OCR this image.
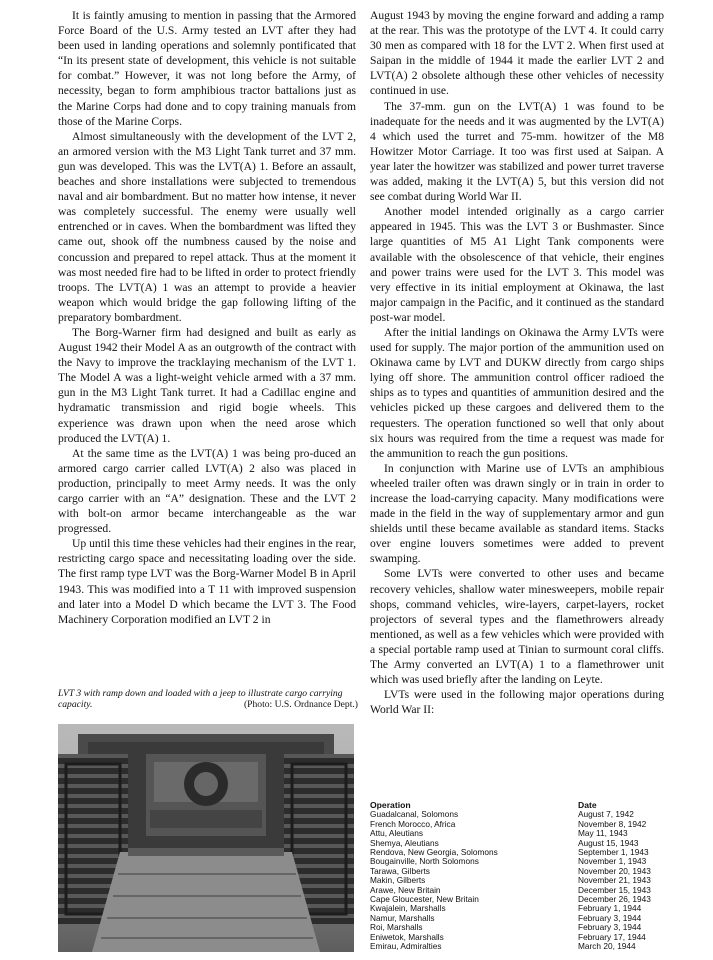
It is faintly amusing to mention in passing that the Armored Force Board of the U.S. Army tested an LVT after they had been used in landing operations and solemnly pontificated that “In its present state of development, this vehicle is not suitable for combat.” However, it was not long before the Army, of necessity, began to form amphibious tractor battalions just as the Marine Corps had done and to copy training manuals from those of the Marine Corps.

Almost simultaneously with the development of the LVT 2, an armored version with the M3 Light Tank turret and 37 mm. gun was developed. This was the LVT(A) 1. Before an assault, beaches and shore installations were subjected to tremendous naval and air bombardment. But no matter how intense, it never was completely successful. The enemy were usually well entrenched or in caves. When the bombardment was lifted they came out, shook off the numbness caused by the noise and concussion and prepared to repel attack. Thus at the moment it was most needed fire had to be lifted in order to protect friendly troops. The LVT(A) 1 was an attempt to provide a heavier weapon which would bridge the gap following lifting of the preparatory bombardment.

The Borg-Warner firm had designed and built as early as August 1942 their Model A as an outgrowth of the contract with the Navy to improve the tracklaying mechanism of the LVT 1. The Model A was a light-weight vehicle armed with a 37 mm. gun in the M3 Light Tank turret. It had a Cadillac engine and hydramatic transmission and rigid bogie wheels. This experience was drawn upon when the need arose which produced the LVT(A) 1.

At the same time as the LVT(A) 1 was being pro-duced an armored cargo carrier called LVT(A) 2 also was placed in production, principally to meet Army needs. It was the only cargo carrier with an “A” designation. These and the LVT 2 with bolt-on armor became interchangeable as the war progressed.

Up until this time these vehicles had their engines in the rear, restricting cargo space and necessitating loading over the side. The first ramp type LVT was the Borg-Warner Model B in April 1943. This was modified into a T 11 with improved suspension and later into a Model D which became the LVT 3. The Food Machinery Corporation modified an LVT 2 in

LVT 3 with ramp down and loaded with a jeep to illustrate cargo carrying capacity.	(Photo: U.S. Ordnance Dept.)

August 1943 by moving the engine forward and adding a ramp at the rear. This was the prototype of the LVT 4. It could carry 30 men as compared with 18 for the LVT 2. When first used at Saipan in the middle of 1944 it made the earlier LVT 2 and LVT(A) 2 obsolete although these other vehicles of necessity continued in use.

The 37-mm. gun on the LVT(A) 1 was found to be inadequate for the needs and it was augmented by the LVT(A) 4 which used the turret and 75-mm. howitzer of the M8 Howitzer Motor Carriage. It too was first used at Saipan. A year later the howitzer was stabilized and power turret traverse was added, making it the LVT(A) 5, but this version did not see combat during World War II.

Another model intended originally as a cargo carrier appeared in 1945. This was the LVT 3 or Bushmaster. Since large quantities of M5 A1 Light Tank components were available with the obsolescence of that vehicle, their engines and power trains were used for the LVT 3. This model was very effective in its initial employment at Okinawa, the last major campaign in the Pacific, and it continued as the standard post-war model.

After the initial landings on Okinawa the Army LVTs were used for supply. The major portion of the ammunition used on Okinawa came by LVT and DUKW directly from cargo ships lying off shore. The ammunition control officer radioed the ships as to types and quantities of ammunition desired and the vehicles picked up these cargoes and delivered them to the requesters. The operation functioned so well that only about six hours was required from the time a request was made for the ammunition to reach the gun positions.

In conjunction with Marine use of LVTs an amphibious wheeled trailer often was drawn singly or in train in order to increase the load-carrying capacity. Many modifications were made in the field in the way of supplementary armor and gun shields until these became available as standard items. Stacks over engine louvers sometimes were added to prevent swamping.

Some LVTs were converted to other uses and became recovery vehicles, shallow water minesweepers, mobile repair shops, command vehicles, wire-layers, carpet-layers, rocket projectors of several types and the flamethrowers already mentioned, as well as a few vehicles which were provided with a special portable ramp used at Tinian to surmount coral cliffs. The Army converted an LVT(A) 1 to a flamethrower unit which was used briefly after the landing on Leyte.

LVTs were used in the following major operations during World War II:

Operation	Date
Guadalcanal, Solomons	August 7, 1942
French Morocco, Africa	November 8, 1942
Attu, Aleutians	May 11, 1943
Shemya, Aleutians	August 15, 1943
Rendova, New Georgia, Solomons	September 1, 1943
Bougainville, North Solomons	November 1, 1943
Tarawa, Gilberts	November 20, 1943
Makin, Gilberts	November 21, 1943
Arawe, New Britain	December 15, 1943
Cape Gloucester, New Britain	December 26, 1943
Kwajalein, Marshalls	February 1, 1944
Namur, Marshalls	February 3, 1944
Roi, Marshalls	February 3, 1944
Eniwetok, Marshalls	February 17, 1944
Emirau, Admiralties	March 20, 1944
